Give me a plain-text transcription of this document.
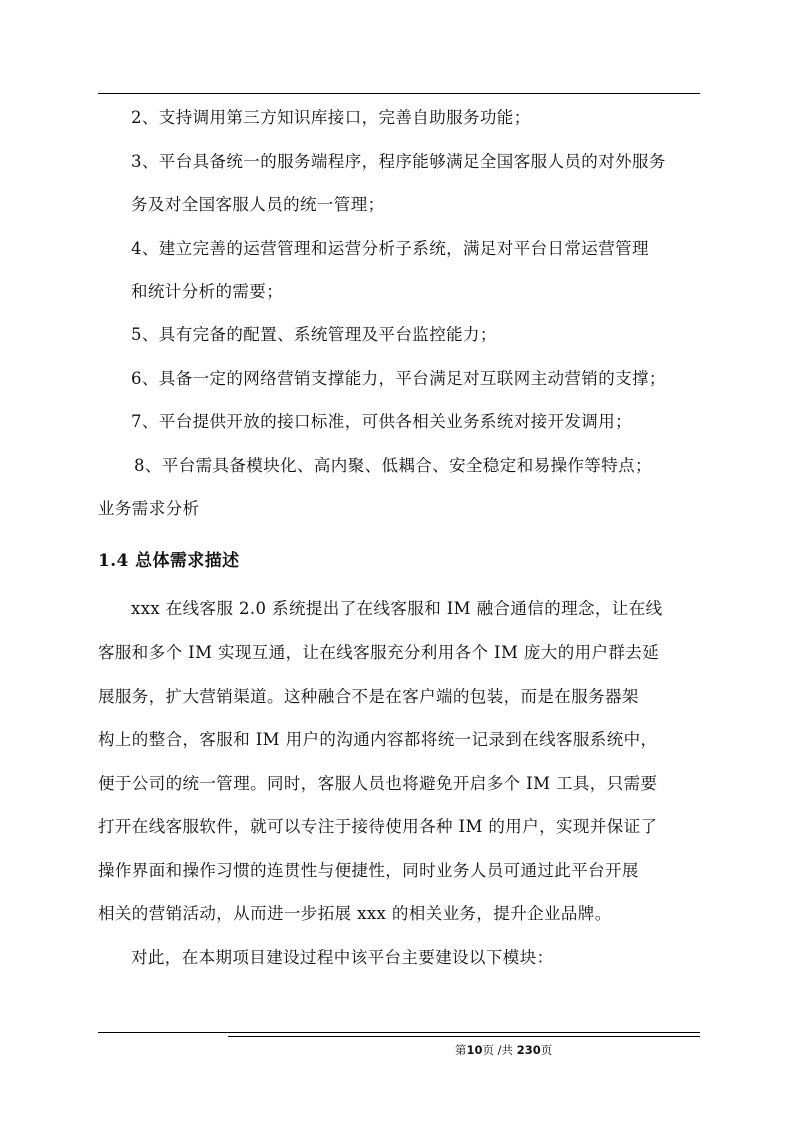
2、支持调用第三方知识库接口，完善自助服务功能；
3、平台具备统一的服务端程序，程序能够满足全国客服人员的对外服务
务及对全国客服人员的统一管理；
4、建立完善的运营管理和运营分析子系统，满足对平台日常运营管理
和统计分析的需要；
5、具有完备的配置、系统管理及平台监控能力；
6、具备一定的网络营销支撑能力，平台满足对互联网主动营销的支撑；
7、平台提供开放的接口标准，可供各相关业务系统对接开发调用；
8、平台需具备模块化、高内聚、低耦合、安全稳定和易操作等特点；
业务需求分析
1.4 总体需求描述
xxx 在线客服 2.0 系统提出了在线客服和 IM 融合通信的理念，让在线
客服和多个 IM 实现互通，让在线客服充分利用各个 IM 庞大的用户群去延
展服务，扩大营销渠道。这种融合不是在客户端的包装，而是在服务器架
构上的整合，客服和 IM 用户的沟通内容都将统一记录到在线客服系统中，
便于公司的统一管理。同时，客服人员也将避免开启多个 IM 工具，只需要
打开在线客服软件，就可以专注于接待使用各种 IM 的用户，实现并保证了
操作界面和操作习惯的连贯性与便捷性，同时业务人员可通过此平台开展
相关的营销活动，从而进一步拓展 xxx 的相关业务，提升企业品牌。
对此，在本期项目建设过程中该平台主要建设以下模块：
第10页 /共 230页
